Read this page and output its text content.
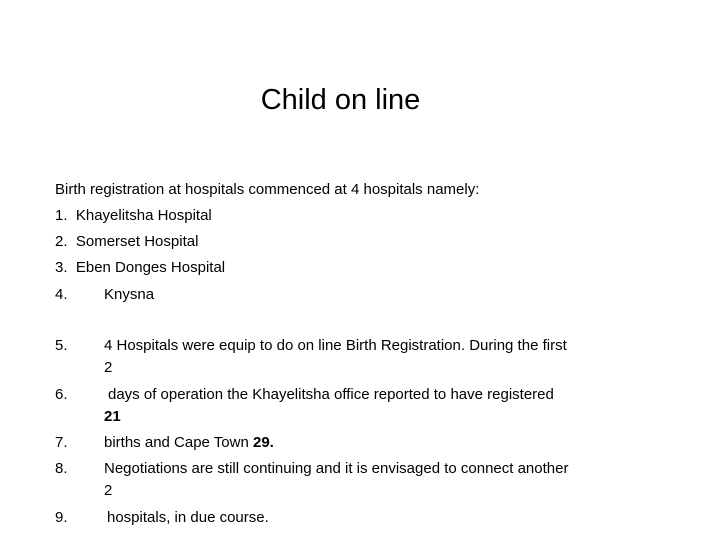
Child on line
Birth registration at hospitals commenced at 4 hospitals namely:
1. Khayelitsha Hospital
2. Somerset Hospital
3. Eben Donges Hospital
4. Knysna
5. 4 Hospitals were equip to do on line Birth Registration. During the first
2
6.	days of operation the Khayelitsha office reported to have registered
21
7. births and Cape Town 29.
8. Negotiations are still continuing and it is envisaged to connect another
2
9.	hospitals, in due course.
